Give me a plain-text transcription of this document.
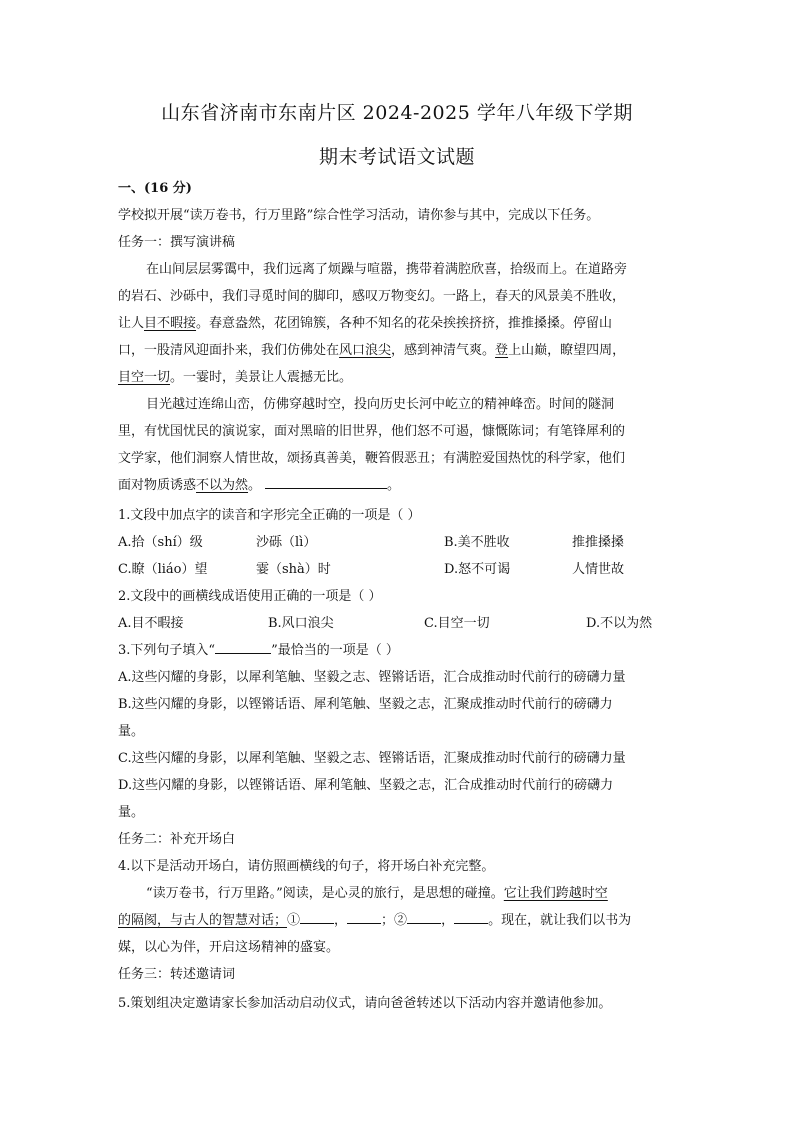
山东省济南市东南片区 2024-2025 学年八年级下学期
期末考试语文试题
一、(16 分)
学校拟开展“读万卷书，行万里路”综合性学习活动，请你参与其中，完成以下任务。
任务一：撰写演讲稿
在山间层层雾霭中，我们远离了烦躁与喧嚣，携带着满腔欣喜，拾级而上。在道路旁
的岩石、沙砾中，我们寻觅时间的脚印，感叹万物变幻。一路上，春天的风景美不胜收，
让人目不暇接。春意盎然，花团锦簇，各种不知名的花朵挨挨挤挤，推推搡搡。停留山
口，一股清风迎面扑来，我们仿佛处在风口浪尖，感到神清气爽。登上山巅，瞭望四周，
目空一切。一霎时，美景让人震撼无比。
目光越过连绵山峦，仿佛穿越时空，投向历史长河中屹立的精神峰峦。时间的隧洞
里，有忧国忧民的演说家，面对黑暗的旧世界，他们怒不可遏，慷慨陈词；有笔锋犀利的
文学家，他们洞察人情世故，颂扬真善美，鞭笞假恶丑；有满腔爱国热忱的科学家，他们
面对物质诱惑不以为然。	。
1.文段中加点字的读音和字形完全正确的一项是（ ）
A.拾（shí）级	沙砾（lì）	B.美不胜收	推推搡搡
C.瞭（liáo）望	霎（shà）时	D.怒不可谒	人情世故
2.文段中的画横线成语使用正确的一项是（ ）
A.目不暇接	B.风口浪尖	C.目空一切	D.不以为然
3.下列句子填入“	”最恰当的一项是（ ）
A.这些闪耀的身影，以犀利笔触、坚毅之志、铿锵话语，汇合成推动时代前行的磅礴力量
B.这些闪耀的身影，以铿锵话语、犀利笔触、坚毅之志，汇聚成推动时代前行的磅礴力
量。
C.这些闪耀的身影，以犀利笔触、坚毅之志、铿锵话语，汇聚成推动时代前行的磅礴力量
D.这些闪耀的身影，以铿锵话语、犀利笔触、坚毅之志，汇合成推动时代前行的磅礴力
量。
任务二：补充开场白
4.以下是活动开场白，请仿照画横线的句子，将开场白补充完整。
“读万卷书，行万里路。”阅读，是心灵的旅行，是思想的碰撞。它让我们跨越时空
的隔阂，与古人的智慧对话；①	，	；②	，	。现在，就让我们以书为
媒，以心为伴，开启这场精神的盛宴。
任务三：转述邀请词
5.策划组决定邀请家长参加活动启动仪式，请向爸爸转述以下活动内容并邀请他参加。
